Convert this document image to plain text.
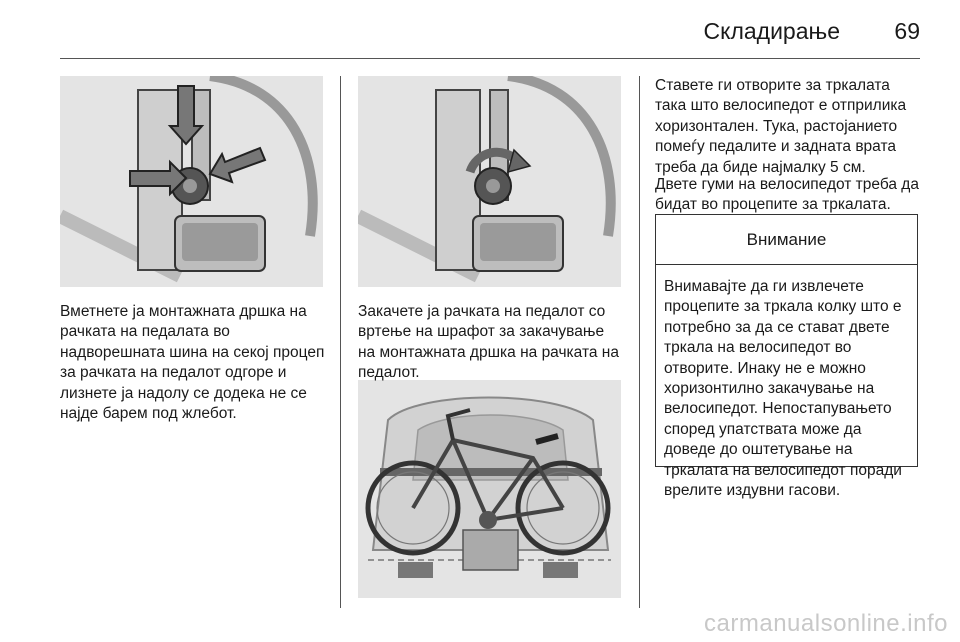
Складирање 69
Вметнете ја монтажната дршка на рачката на педалата во надворешната шина на секој процеп за рачката на педалот одгоре и лизнете ја надолу се додека не се најде барем под жлебот.
Закачете ја рачката на педалот со вртење на шрафот за закачување на монтажната дршка на рачката на педалот.
Ставете ги отворите за тркалата така што велосипедот е отприлика хоризонтален. Тука, растојанието помеѓу педалите и задната врата треба да биде најмалку 5 см.
Двете гуми на велосипедот треба да бидат во процепите за тркалата.
Внимание
Внимавајте да ги извлечете процепите за тркала колку што е потребно за да се стават двете тркала на велосипедот во отворите. Инаку не е можно хоризонтилно закачување на велосипедот. Непостапувањето според упатствата може да доведе до оштетување на тркалата на велосипедот поради врелите издувни гасови.
carmanualsonline.info
